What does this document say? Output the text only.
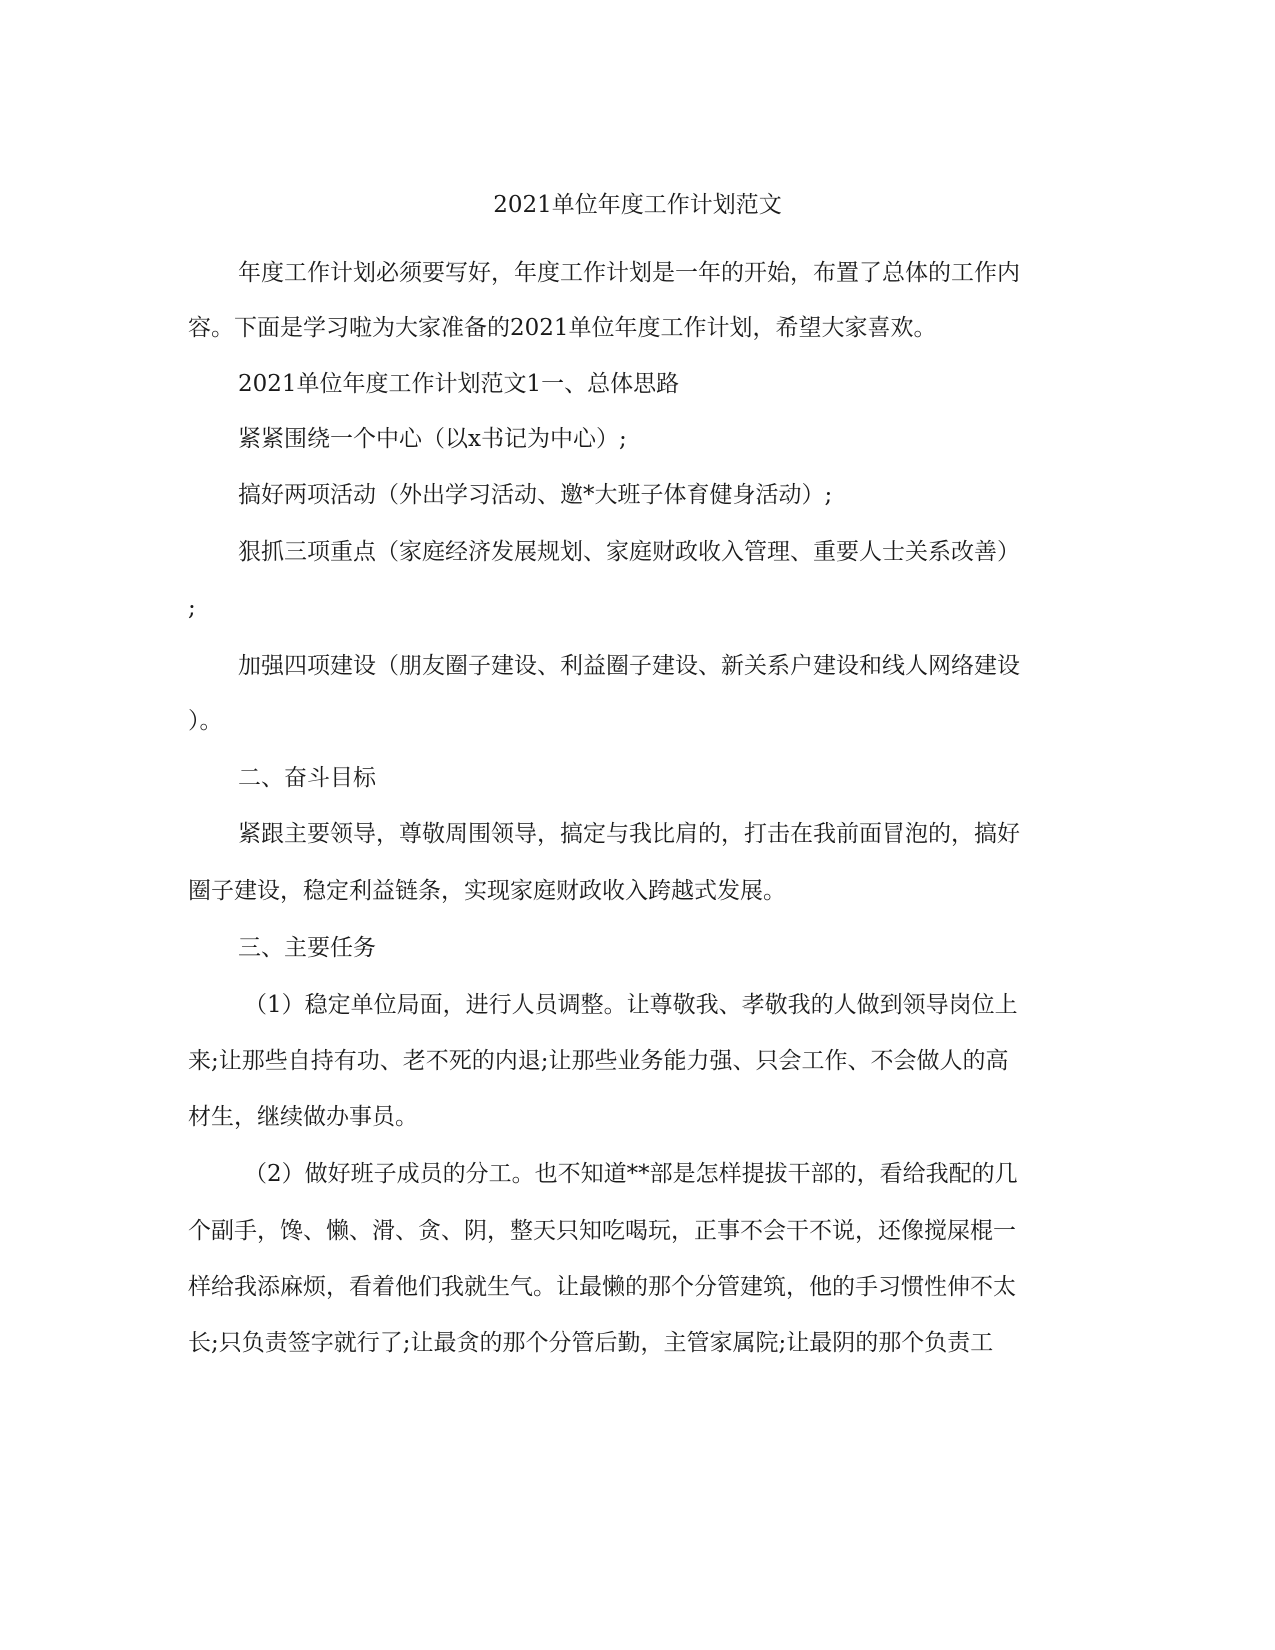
2021单位年度工作计划范文

年度工作计划必须要写好，年度工作计划是一年的开始，布置了总体的工作内

容。下面是学习啦为大家准备的2021单位年度工作计划，希望大家喜欢。

2021单位年度工作计划范文1一、总体思路

紧紧围绕一个中心（以x书记为中心）;

搞好两项活动（外出学习活动、邀*大班子体育健身活动）;

狠抓三项重点（家庭经济发展规划、家庭财政收入管理、重要人士关系改善）

;

加强四项建设（朋友圈子建设、利益圈子建设、新关系户建设和线人网络建设

）。

二、奋斗目标

紧跟主要领导，尊敬周围领导，搞定与我比肩的，打击在我前面冒泡的，搞好

圈子建设，稳定利益链条，实现家庭财政收入跨越式发展。

三、主要任务

（1）稳定单位局面，进行人员调整。让尊敬我、孝敬我的人做到领导岗位上

来;让那些自持有功、老不死的内退;让那些业务能力强、只会工作、不会做人的高

材生，继续做办事员。

（2）做好班子成员的分工。也不知道**部是怎样提拔干部的，看给我配的几

个副手，馋、懒、滑、贪、阴，整天只知吃喝玩，正事不会干不说，还像搅屎棍一

样给我添麻烦，看着他们我就生气。让最懒的那个分管建筑，他的手习惯性伸不太

长;只负责签字就行了;让最贪的那个分管后勤，主管家属院;让最阴的那个负责工
